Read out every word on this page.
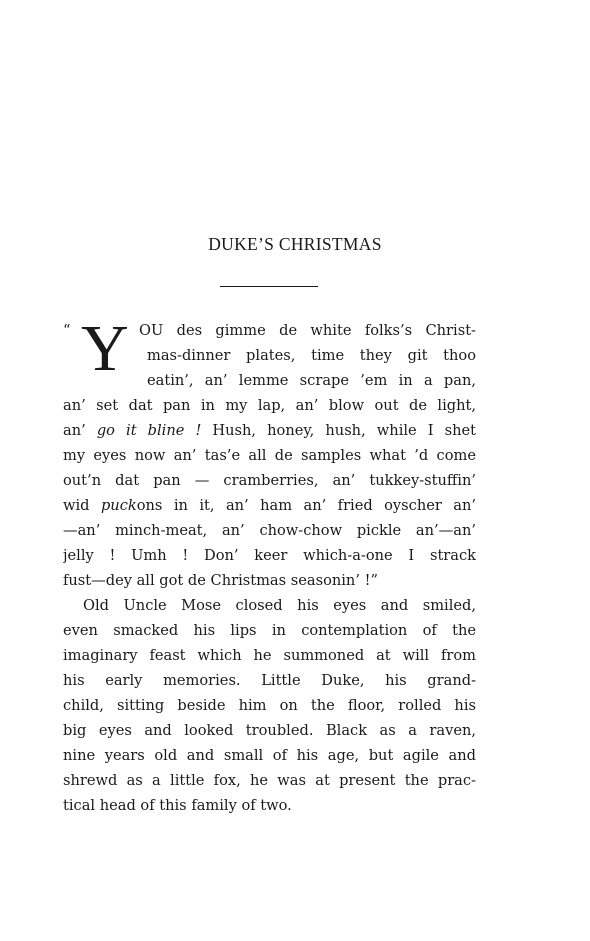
DUKE’S CHRISTMAS
“ Y OU des gimme de white folks’s Christ-
mas-dinner plates, time they git thoo
eatin’, an’ lemme scrape ’em in a pan,
an’ set dat pan in my lap, an’ blow out de light,
an’ go it bline ! Hush, honey, hush, while I shet
my eyes now an’ tas’e all de samples what ’d come
out’n dat pan — cramberries, an’ tukkey-stuffin’
wid puckons in it, an’ ham an’ fried oyscher an’
—an’ minch-meat, an’ chow-chow pickle an’—an’
jelly ! Umh ! Don’ keer which-a-one I strack
fust—dey all got de Christmas seasonin’ !”
Old Uncle Mose closed his eyes and smiled,
even smacked his lips in contemplation of the
imaginary feast which he summoned at will from
his early memories. Little Duke, his grand-
child, sitting beside him on the floor, rolled his
big eyes and looked troubled. Black as a raven,
nine years old and small of his age, but agile and
shrewd as a little fox, he was at present the prac-
tical head of this family of two.
